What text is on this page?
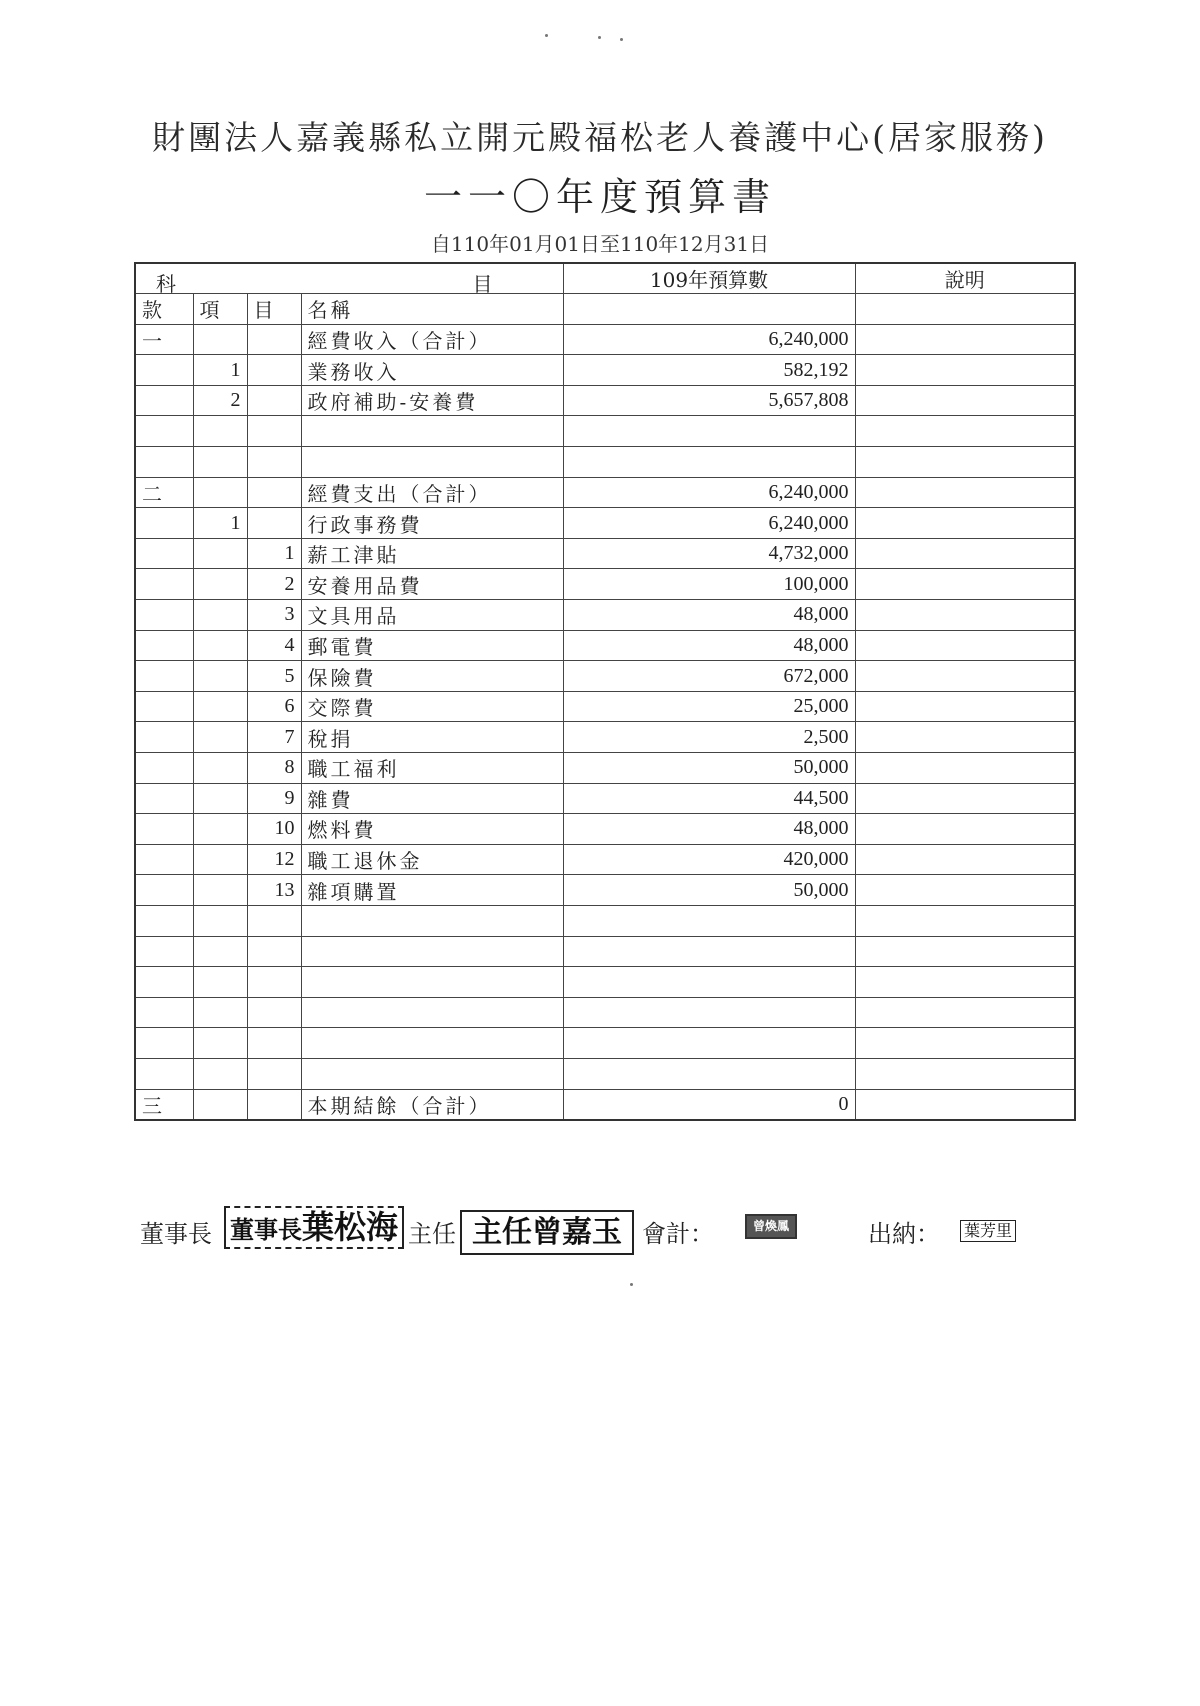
財團法人嘉義縣私立開元殿福松老人養護中心(居家服務)
一一〇年度預算書
自110年01月01日至110年12月31日
科 目				109年預算數	說明
款	項	目	名稱		
一			經費收入（合計）	6,240,000	
	1		業務收入	582,192	
	2		政府補助-安養費	5,657,808	

二			經費支出（合計）	6,240,000	
	1		行政事務費	6,240,000	
		1	薪工津貼	4,732,000	
		2	安養用品費	100,000	
		3	文具用品	48,000	
		4	郵電費	48,000	
		5	保險費	672,000	
		6	交際費	25,000	
		7	稅捐	2,500	
		8	職工福利	50,000	
		9	雜費	44,500	
		10	燃料費	48,000	
		12	職工退休金	420,000	
		13	雜項購置	50,000	

三			本期結餘（合計）	0	
董事長 董事長葉松海 主任 主任曾嘉玉 會計：	曾煥鳳	出納： 葉芳里
